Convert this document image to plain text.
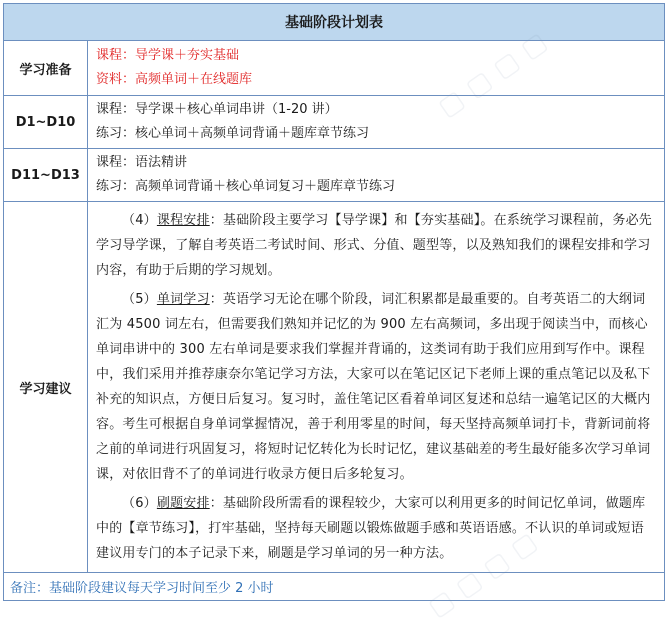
基础阶段计划表	
学习准备	课程：导学课＋夯实基础
资料：高频单词＋在线题库

D1~D10	课程：导学课＋核心单词串讲（1-20 讲）
练习：核心单词＋高频单词背诵＋题库章节练习

D11~D13	课程：语法精讲
练习：高频单词背诵＋核心单词复习＋题库章节练习

学习建议	（4）课程安排：基础阶段主要学习【导学课】和【夯实基础】。在系统学习课程前，务必先学习导学课，了解自考英语二考试时间、形式、分值、题型等，以及熟知我们的课程安排和学习内容，有助于后期的学习规划。
（5）单词学习：英语学习无论在哪个阶段，词汇积累都是最重要的。自考英语二的大纲词汇为 4500 词左右，但需要我们熟知并记忆的为 900 左右高频词，多出现于阅读当中，而核心单词串讲中的 300 左右单词是要求我们掌握并背诵的，这类词有助于我们应用到写作中。课程中，我们采用并推荐康奈尔笔记学习方法，大家可以在笔记区记下老师上课的重点笔记以及私下补充的知识点，方便日后复习。复习时，盖住笔记区看着单词区复述和总结一遍笔记区的大概内容。考生可根据自身单词掌握情况，善于利用零星的时间，每天坚持高频单词打卡，背新词前将之前的单词进行巩固复习，将短时记忆转化为长时记忆，建议基础差的考生最好能多次学习单词课，对依旧背不了的单词进行收录方便日后多轮复习。
（6）刷题安排：基础阶段所需看的课程较少，大家可以利用更多的时间记忆单词，做题库中的【章节练习】，打牢基础，坚持每天刷题以锻炼做题手感和英语语感。不认识的单词或短语建议用专门的本子记录下来，刷题是学习单词的另一种方法。

备注：基础阶段建议每天学习时间至少 2 小时	
▢ ▢ ▢ ▢
▢ ▢ ▢ ▢
